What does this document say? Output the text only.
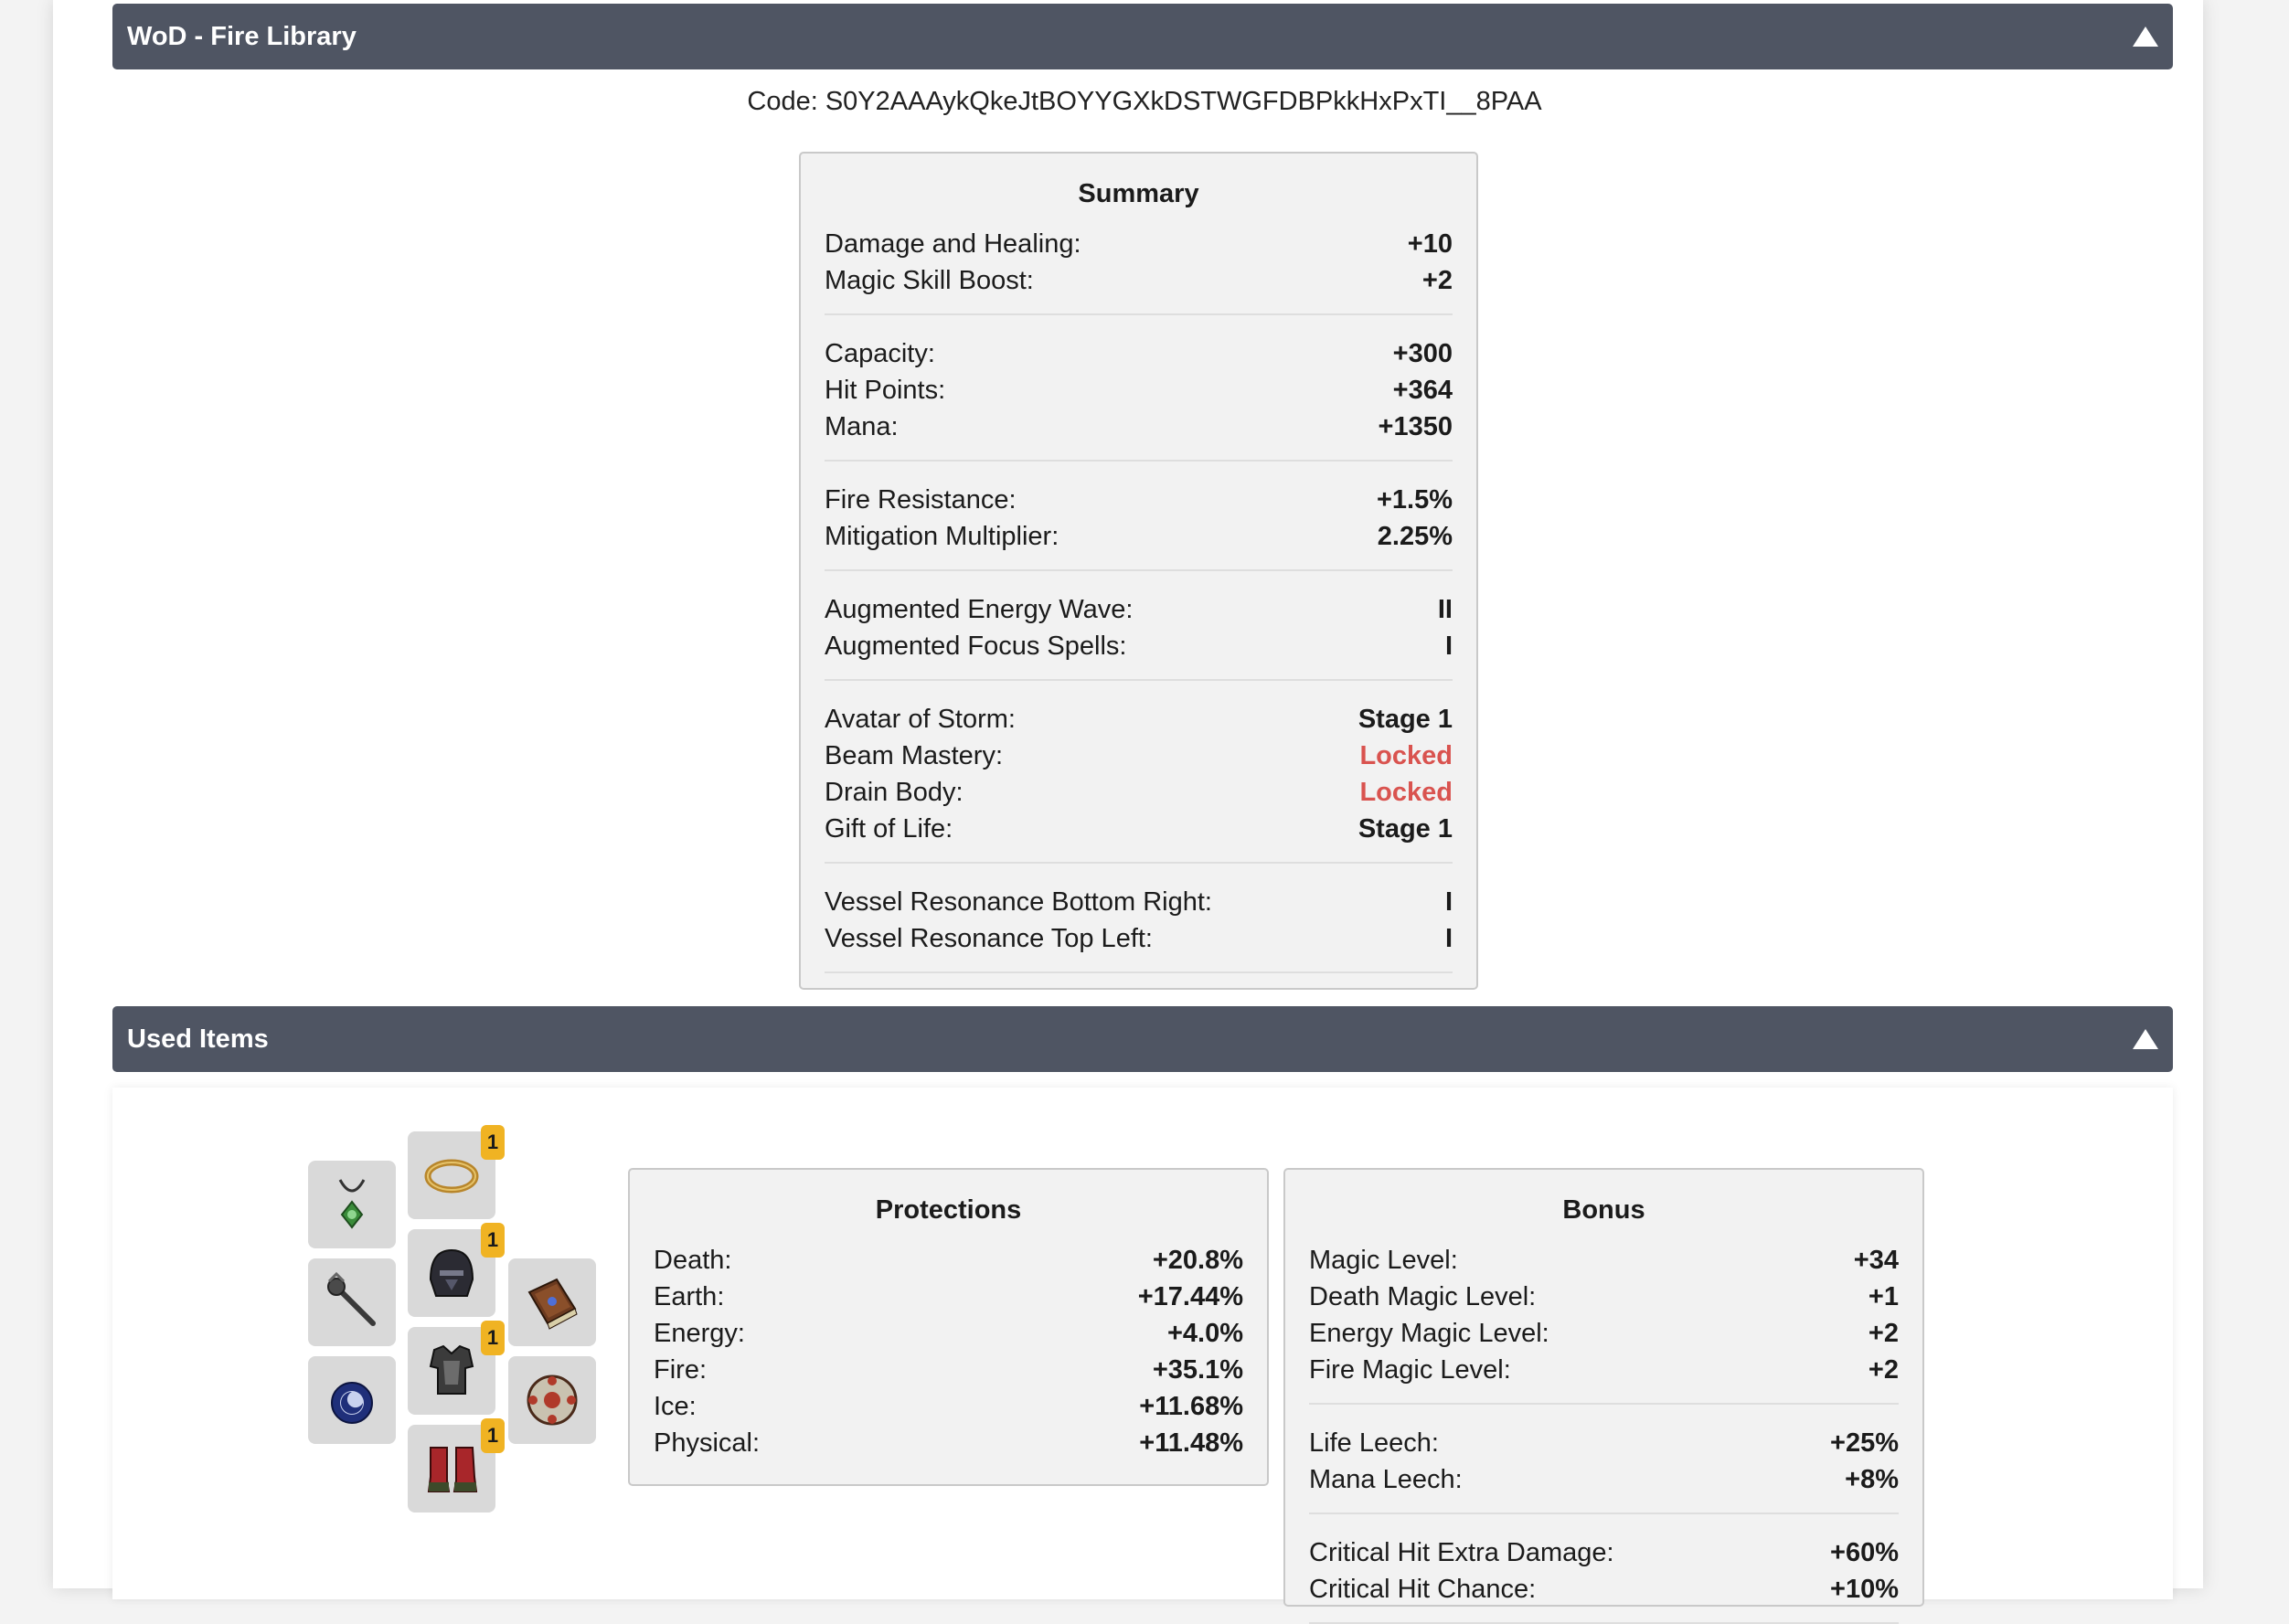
WoD - Fire Library
Code: S0Y2AAAykQkeJtBOYYGXkDSTWGFDBPkkHxPxTI__8PAA
Summary
Damage and Healing:	+10
Magic Skill Boost:	+2
Capacity:	+300
Hit Points:	+364
Mana:	+1350
Fire Resistance:	+1.5%
Mitigation Multiplier:	2.25%
Augmented Energy Wave:	II
Augmented Focus Spells:	I
Avatar of Storm:	Stage 1
Beam Mastery:	Locked
Drain Body:	Locked
Gift of Life:	Stage 1
Vessel Resonance Bottom Right:	I
Vessel Resonance Top Left:	I
Used Items
1
1
1
1
Protections
Death:	+20.8%
Earth:	+17.44%
Energy:	+4.0%
Fire:	+35.1%
Ice:	+11.68%
Physical:	+11.48%
Bonus
Magic Level:	+34
Death Magic Level:	+1
Energy Magic Level:	+2
Fire Magic Level:	+2
Life Leech:	+25%
Mana Leech:	+8%
Critical Hit Extra Damage:	+60%
Critical Hit Chance:	+10%
